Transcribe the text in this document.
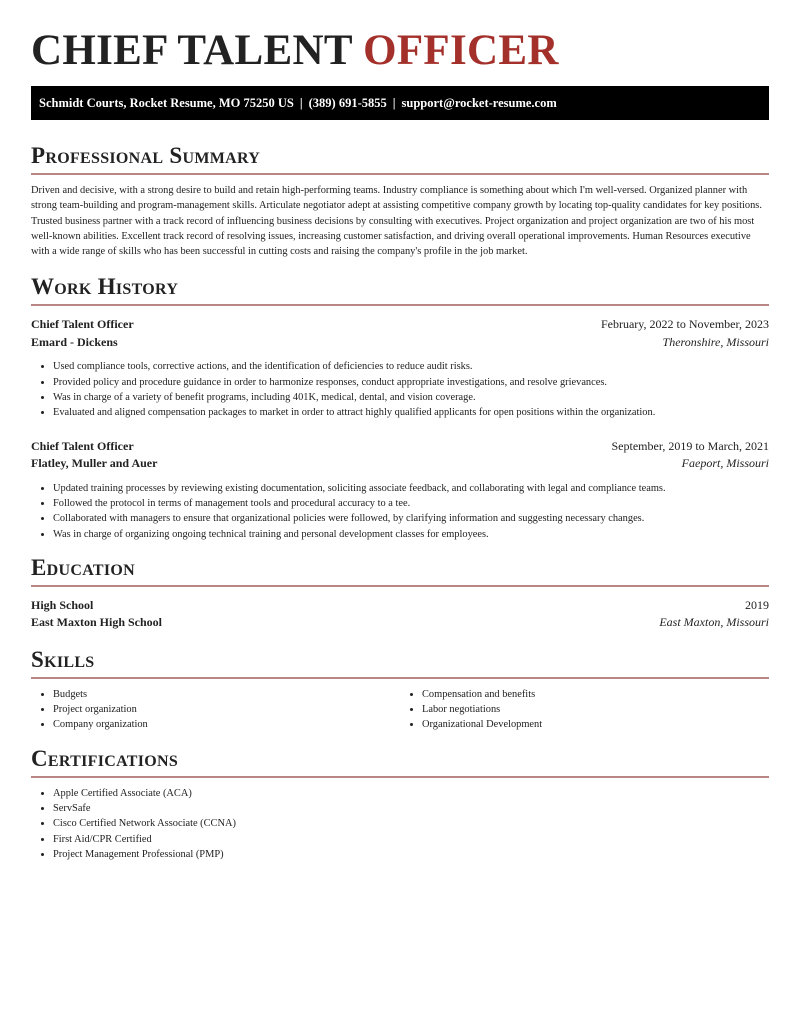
CHIEF TALENT OFFICER
Schmidt Courts, Rocket Resume, MO 75250 US | (389) 691-5855 | support@rocket-resume.com
Professional Summary

Driven and decisive, with a strong desire to build and retain high-performing teams. Industry compliance is something about which I'm well-versed. Organized planner with strong team-building and program-management skills. Articulate negotiator adept at assisting competitive company growth by locating top-quality candidates for key positions. Trusted business partner with a track record of influencing business decisions by consulting with executives. Project organization and project organization are two of his most well-known abilities. Excellent track record of resolving issues, increasing customer satisfaction, and driving overall operational improvements. Human Resources executive with a wide range of skills who has been successful in cutting costs and raising the company's profile in the job market.

Work History
Chief Talent Officer	February, 2022 to November, 2023
Emard - Dickens	Theronshire, Missouri
• Used compliance tools, corrective actions, and the identification of deficiencies to reduce audit risks.
• Provided policy and procedure guidance in order to harmonize responses, conduct appropriate investigations, and resolve grievances.
• Was in charge of a variety of benefit programs, including 401K, medical, dental, and vision coverage.
• Evaluated and aligned compensation packages to market in order to attract highly qualified applicants for open positions within the organization.
Chief Talent Officer	September, 2019 to March, 2021
Flatley, Muller and Auer	Faeport, Missouri
• Updated training processes by reviewing existing documentation, soliciting associate feedback, and collaborating with legal and compliance teams.
• Followed the protocol in terms of management tools and procedural accuracy to a tee.
• Collaborated with managers to ensure that organizational policies were followed, by clarifying information and suggesting necessary changes.
• Was in charge of organizing ongoing technical training and personal development classes for employees.
Education
High School	2019
East Maxton High School	East Maxton, Missouri
Skills
• Budgets
• Project organization
• Company organization
• Compensation and benefits
• Labor negotiations
• Organizational Development
Certifications
• Apple Certified Associate (ACA)
• ServSafe
• Cisco Certified Network Associate (CCNA)
• First Aid/CPR Certified
• Project Management Professional (PMP)
